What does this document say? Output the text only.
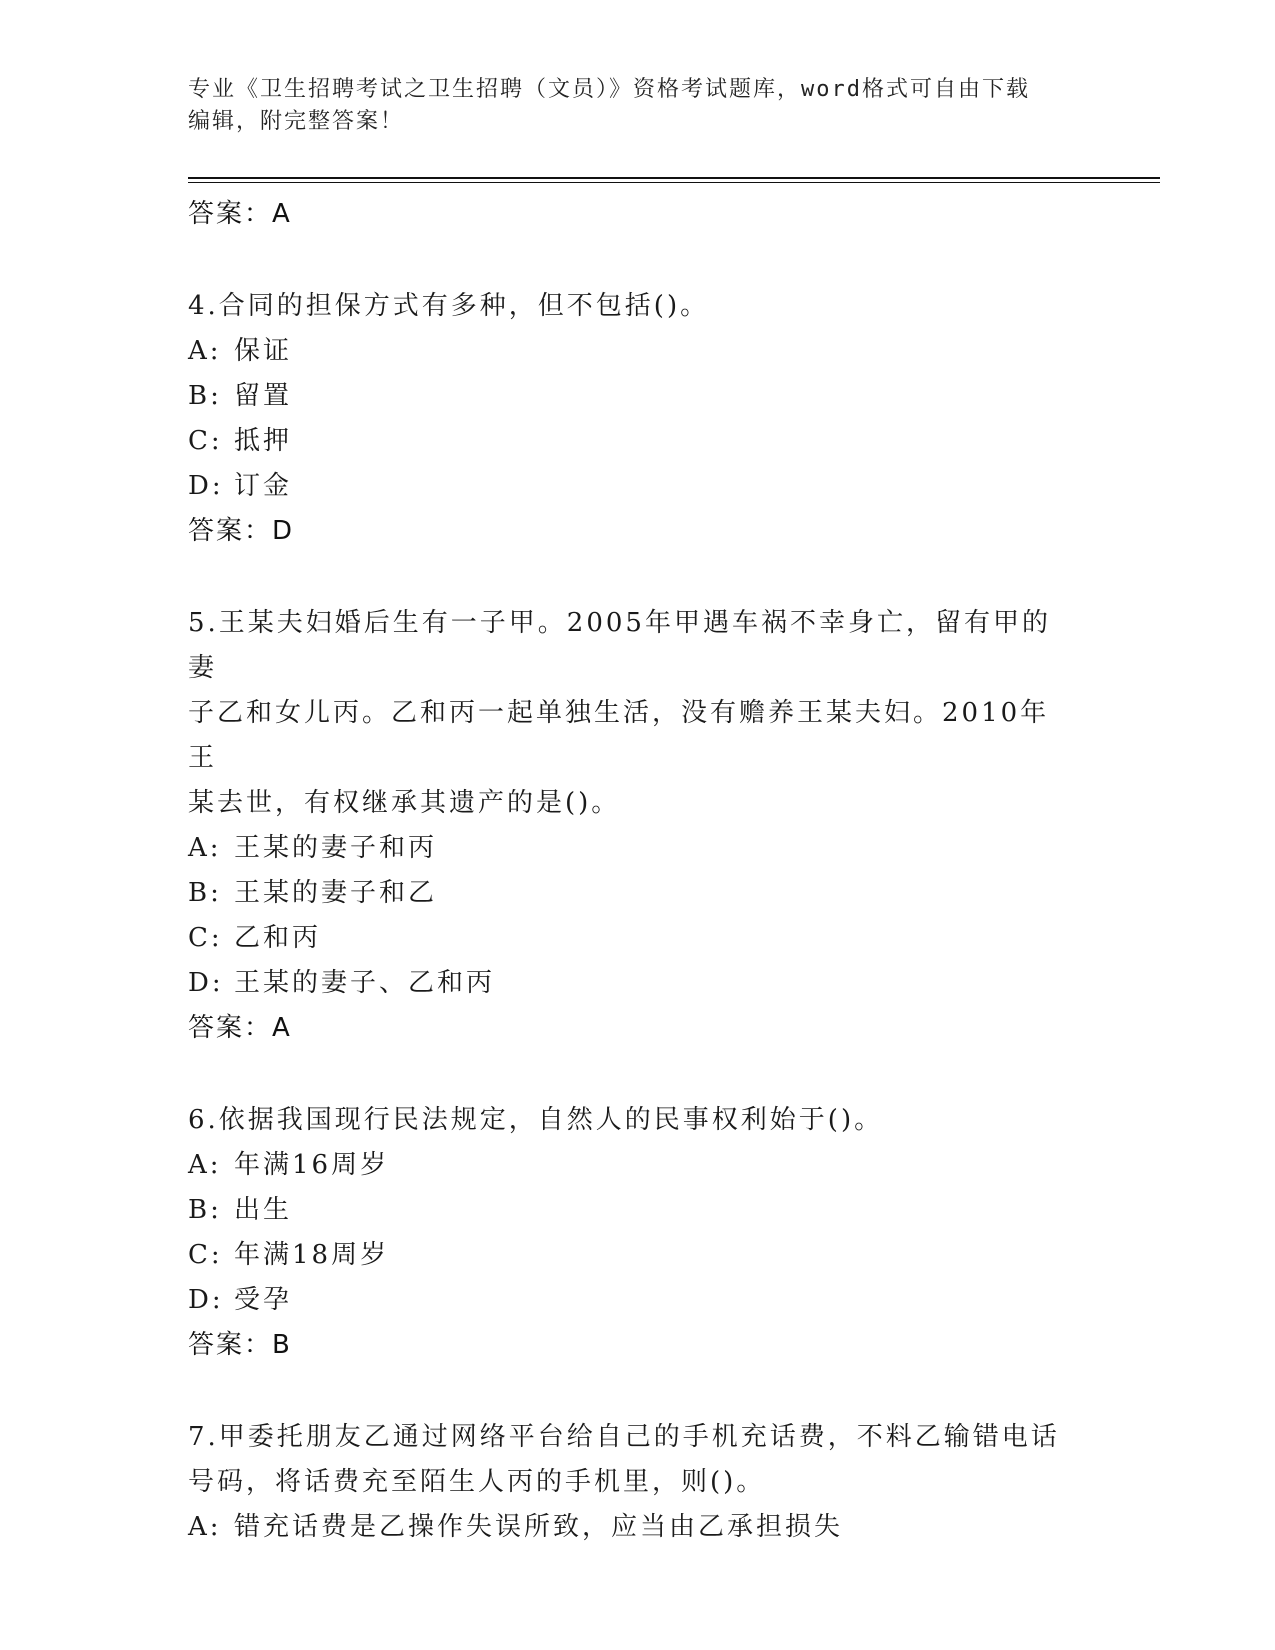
专业《卫生招聘考试之卫生招聘（文员）》资格考试题库，word格式可自由下载
编辑，附完整答案！
答案：A
4.合同的担保方式有多种，但不包括()。
A: 保证
B: 留置
C: 抵押
D: 订金
答案：D
5.王某夫妇婚后生有一子甲。2005年甲遇车祸不幸身亡，留有甲的妻
子乙和女儿丙。乙和丙一起单独生活，没有赡养王某夫妇。2010年王
某去世，有权继承其遗产的是()。
A: 王某的妻子和丙
B: 王某的妻子和乙
C: 乙和丙
D: 王某的妻子、乙和丙
答案：A
6.依据我国现行民法规定，自然人的民事权利始于()。
A: 年满16周岁
B: 出生
C: 年满18周岁
D: 受孕
答案：B
7.甲委托朋友乙通过网络平台给自己的手机充话费，不料乙输错电话
号码，将话费充至陌生人丙的手机里，则()。
A: 错充话费是乙操作失误所致，应当由乙承担损失
